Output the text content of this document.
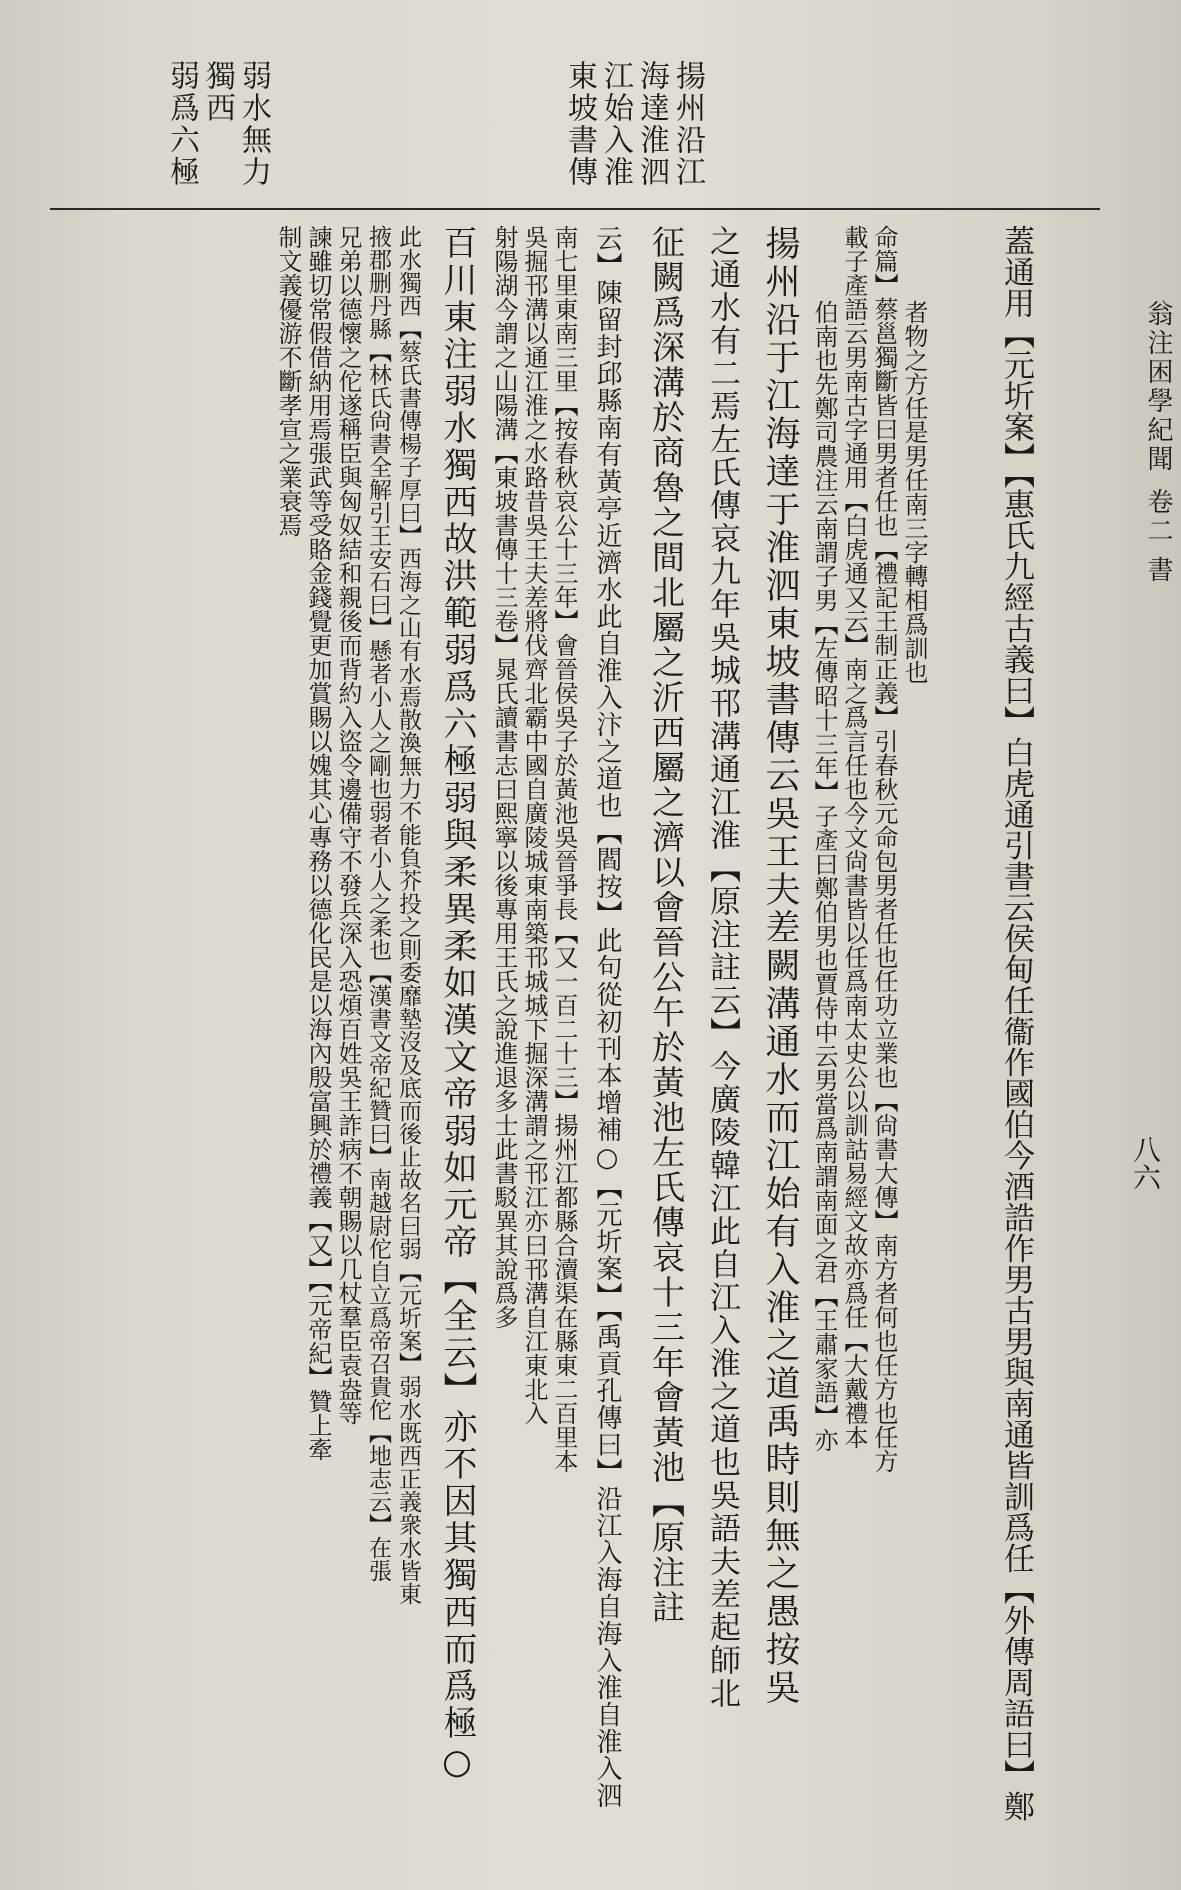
翁注困學紀聞卷二書
八六
揚州沿江
海達淮泗
江始入淮
東坡書傳
弱水無力
獨西
弱爲六極
者物之方任是男任南三字轉相爲訓也
命篇】蔡邕獨斷皆曰男者任也【禮記王制正義】引春秋元命包男者任也任功立業也【尙書大傳】南方者何也任方也任方
載子產語云男南古字通用【白虎通又云】南之爲言任也今文尙書皆以任爲南太史公以訓詁易經文故亦爲任【大戴禮本
伯南也先鄭司農注云南謂子男【左傳昭十三年】子產曰鄭伯男也賈侍中云男當爲南謂南面之君【王肅家語】亦	蓋通用【元圻案】【惠氏九經古義曰】白虎通引書云侯甸任衞作國伯今酒誥作男古男與南通皆訓爲任【外傳周語曰】鄭
揚州沿于江海達于淮泗東坡書傳云吳王夫差闕溝通水而江始有入淮之道禹時則無之愚按吳
之通水有二焉左氏傳哀九年吳城邗溝通江淮【原注註云】今廣陵韓江此自江入淮之道也吳語夫差起師北
征闕爲深溝於商魯之間北屬之沂西屬之濟以會晉公午於黃池左氏傳哀十三年會黃池【原注註
云】陳留封邱縣南有黃亭近濟水此自淮入汴之道也【閻按】此句從初刊本增補○【元圻案】【禹貢孔傳曰】沿江入海自海入淮自淮入泗
南七里東南三里【按春秋哀公十三年】會晉侯吳子於黃池吳晉爭長【又一百二十三】揚州江都縣合瀆渠在縣東二百里本
吳掘邗溝以通江淮之水路昔吳王夫差將伐齊北霸中國自廣陵城東南築邗城城下掘深溝謂之邗江亦曰邗溝自江東北入
射陽湖今謂之山陽溝【東坡書傳十三卷】晁氏讀書志曰熙寧以後專用王氏之說進退多士此書駁異其說爲多
百川東注弱水獨西故洪範弱爲六極弱與柔異柔如漢文帝弱如元帝【全云】亦不因其獨西而爲極○
此水獨西【蔡氏書傳楊子厚曰】西海之山有水焉散渙無力不能負芥投之則委靡墊沒及底而後止故名曰弱【元圻案】弱水既西正義衆水皆東
掖郡删丹縣【林氏尙書全解引王安石曰】懸者小人之剛也弱者小人之柔也【漢書文帝紀贊曰】南越尉佗自立爲帝召貴佗【地志云】在張
兄弟以德懷之佗遂稱臣與匈奴結和親後而背約入盜令邊備守不發兵深入恐煩百姓吳王詐病不朝賜以几杖羣臣袁盎等
諫雖切常假借納用焉張武等受賂金錢覺更加賞賜以媿其心專務以德化民是以海內殷富興於禮義【又】【元帝紀】贊上牽
制文義優游不斷孝宣之業衰焉
